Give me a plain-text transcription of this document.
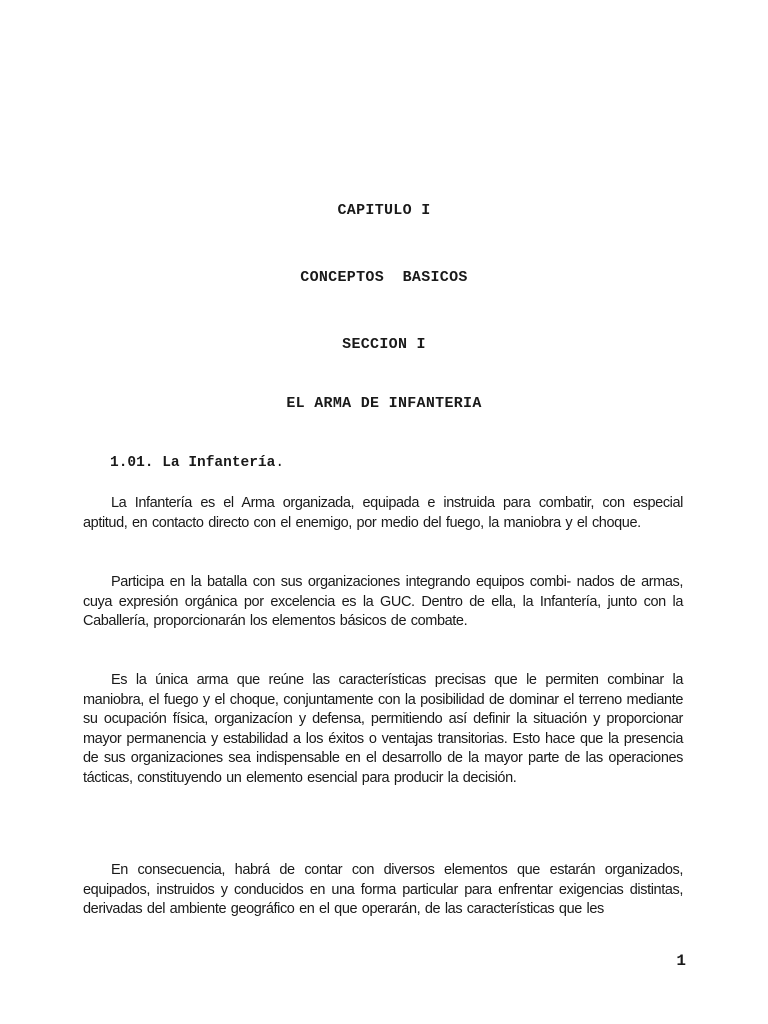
CAPITULO I
CONCEPTOS  BASICOS
SECCION I
EL ARMA DE INFANTERIA
1.01. La Infantería.

La Infantería es el Arma organizada, equipada e instruida para combatir, con especial aptitud, en contacto directo con el enemigo, por medio del fuego, la maniobra y el choque.

Participa en la batalla con sus organizaciones integrando equipos combi- nados de armas, cuya expresión orgánica por excelencia es la GUC. Dentro de ella, la Infantería, junto con la Caballería, proporcionarán los elementos básicos de combate.

Es la única arma que reúne las características precisas que le permiten combinar la maniobra, el fuego y el choque, conjuntamente con la posibilidad de dominar el terreno mediante su ocupación física, organizacíon y defensa, permitiendo así definir la situación y proporcionar mayor permanencia y estabilidad a los éxitos o ventajas transitorias. Esto hace que la presencia de sus organizaciones sea indispensable en el desarrollo de la mayor parte de las operaciones tácticas, constituyendo un elemento esencial para producir la decisión.

En consecuencia, habrá de contar con diversos elementos que estarán organizados, equipados, instruidos y conducidos en una forma particular para enfrentar exigencias distintas, derivadas del ambiente geográfico en el que operarán, de las características que les

1
